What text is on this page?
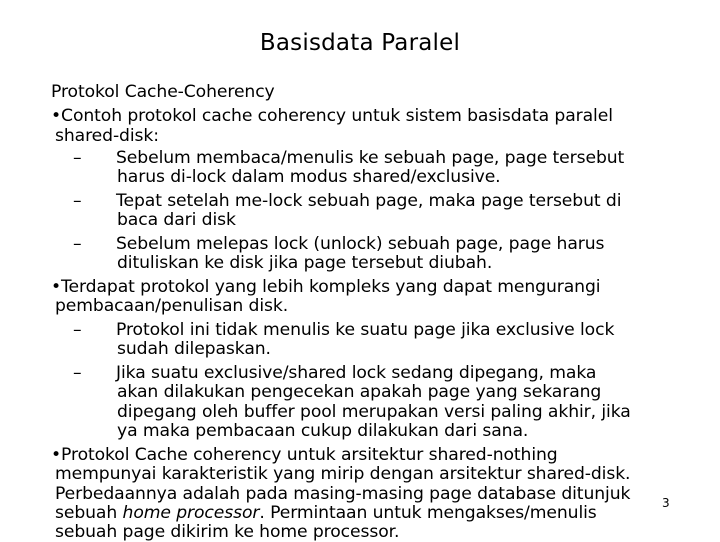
Basisdata Paralel
Protokol Cache-Coherency
•Contoh protokol cache coherency untuk sistem basisdata paralel
shared-disk:
– Sebelum membaca/menulis ke sebuah page, page tersebut
harus di-lock dalam modus shared/exclusive.
– Tepat setelah me-lock sebuah page, maka page tersebut di
baca dari disk
– Sebelum melepas lock (unlock) sebuah page, page harus
dituliskan ke disk jika page tersebut diubah.
•Terdapat protokol yang lebih kompleks yang dapat mengurangi
pembacaan/penulisan disk.
– Protokol ini tidak menulis ke suatu page jika exclusive lock
sudah dilepaskan.
– Jika suatu exclusive/shared lock sedang dipegang, maka
akan dilakukan pengecekan apakah page yang sekarang
dipegang oleh buffer pool merupakan versi paling akhir, jika
ya maka pembacaan cukup dilakukan dari sana.
•Protokol Cache coherency untuk arsitektur shared-nothing
mempunyai karakteristik yang mirip dengan arsitektur shared-disk.
Perbedaannya adalah pada masing-masing page database ditunjuk
sebuah home processor. Permintaan untuk mengakses/menulis
sebuah page dikirim ke home processor.
3
